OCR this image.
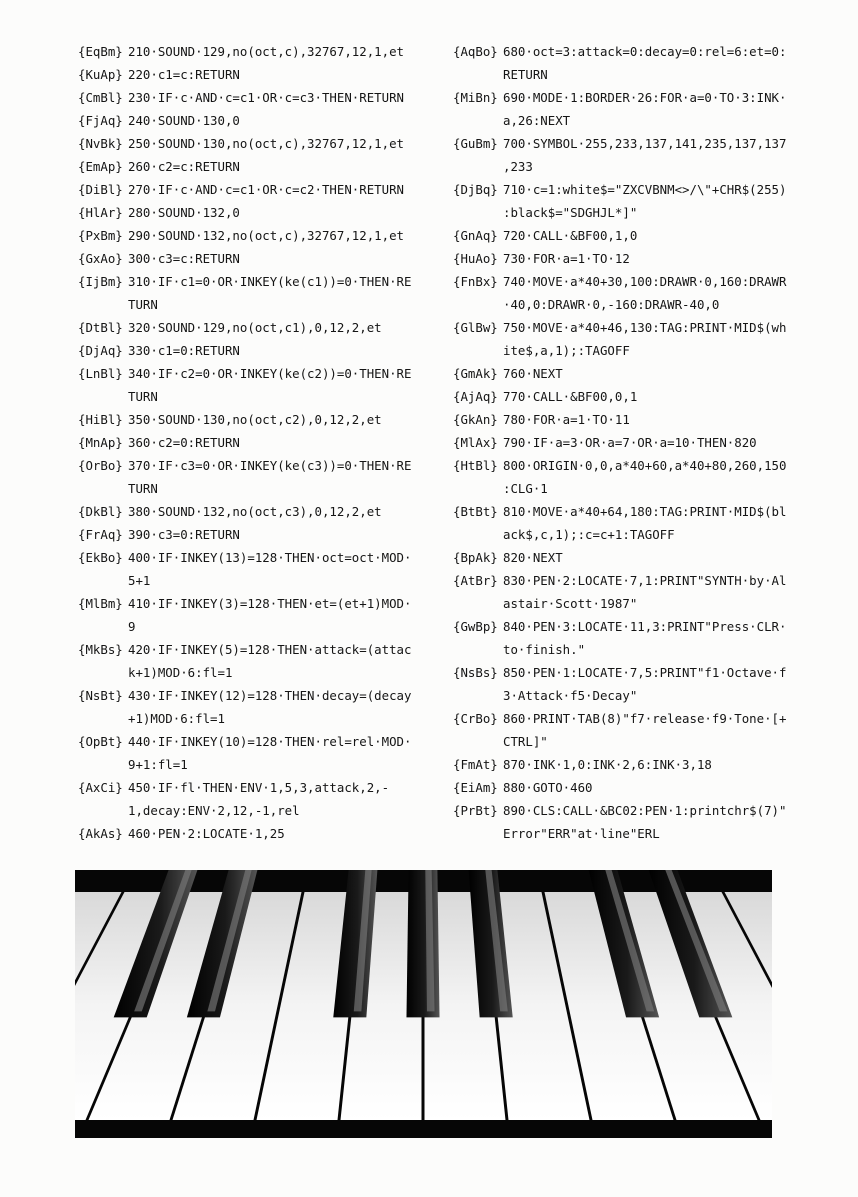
{EqBm} 210·SOUND·129,no(oct,c),32767,12,1,et
{KuAp} 220·c1=c:RETURN
{CmBl} 230·IF·c·AND·c=c1·OR·c=c3·THEN·RETURN
{FjAq} 240·SOUND·130,0
{NvBk} 250·SOUND·130,no(oct,c),32767,12,1,et
{EmAp} 260·c2=c:RETURN
{DiBl} 270·IF·c·AND·c=c1·OR·c=c2·THEN·RETURN
{HlAr} 280·SOUND·132,0
{PxBm} 290·SOUND·132,no(oct,c),32767,12,1,et
{GxAo} 300·c3=c:RETURN
{IjBm} 310·IF·c1=0·OR·INKEY(ke(c1))=0·THEN·RE
TURN
{DtBl} 320·SOUND·129,no(oct,c1),0,12,2,et
{DjAq} 330·c1=0:RETURN
{LnBl} 340·IF·c2=0·OR·INKEY(ke(c2))=0·THEN·RE
TURN
{HiBl} 350·SOUND·130,no(oct,c2),0,12,2,et
{MnAp} 360·c2=0:RETURN
{OrBo} 370·IF·c3=0·OR·INKEY(ke(c3))=0·THEN·RE
TURN
{DkBl} 380·SOUND·132,no(oct,c3),0,12,2,et
{FrAq} 390·c3=0:RETURN
{EkBo} 400·IF·INKEY(13)=128·THEN·oct=oct·MOD·
5+1
{MlBm} 410·IF·INKEY(3)=128·THEN·et=(et+1)MOD·
9
{MkBs} 420·IF·INKEY(5)=128·THEN·attack=(attac
k+1)MOD·6:fl=1
{NsBt} 430·IF·INKEY(12)=128·THEN·decay=(decay
+1)MOD·6:fl=1
{OpBt} 440·IF·INKEY(10)=128·THEN·rel=rel·MOD·
9+1:fl=1
{AxCi} 450·IF·fl·THEN·ENV·1,5,3,attack,2,-
1,decay:ENV·2,12,-1,rel
{AkAs} 460·PEN·2:LOCATE·1,25
{AqBo} 680·oct=3:attack=0:decay=0:rel=6:et=0:
RETURN
{MiBn} 690·MODE·1:BORDER·26:FOR·a=0·TO·3:INK·
a,26:NEXT
{GuBm} 700·SYMBOL·255,233,137,141,235,137,137
,233
{DjBq} 710·c=1:white$="ZXCVBNM<>/\"+CHR$(255)
:black$="SDGHJL*]"
{GnAq} 720·CALL·&BF00,1,0
{HuAo} 730·FOR·a=1·TO·12
{FnBx} 740·MOVE·a*40+30,100:DRAWR·0,160:DRAWR
·40,0:DRAWR·0,-160:DRAWR-40,0
{GlBw} 750·MOVE·a*40+46,130:TAG:PRINT·MID$(wh
ite$,a,1);:TAGOFF
{GmAk} 760·NEXT
{AjAq} 770·CALL·&BF00,0,1
{GkAn} 780·FOR·a=1·TO·11
{MlAx} 790·IF·a=3·OR·a=7·OR·a=10·THEN·820
{HtBl} 800·ORIGIN·0,0,a*40+60,a*40+80,260,150
:CLG·1
{BtBt} 810·MOVE·a*40+64,180:TAG:PRINT·MID$(bl
ack$,c,1);:c=c+1:TAGOFF
{BpAk} 820·NEXT
{AtBr} 830·PEN·2:LOCATE·7,1:PRINT"SYNTH·by·Al
astair·Scott·1987"
{GwBp} 840·PEN·3:LOCATE·11,3:PRINT"Press·CLR·
to·finish."
{NsBs} 850·PEN·1:LOCATE·7,5:PRINT"f1·Octave·f
3·Attack·f5·Decay"
{CrBo} 860·PRINT·TAB(8)"f7·release·f9·Tone·[+
CTRL]"
{FmAt} 870·INK·1,0:INK·2,6:INK·3,18
{EiAm} 880·GOTO·460
{PrBt} 890·CLS:CALL·&BC02:PEN·1:printchr$(7)"
Error"ERR"at·line"ERL
